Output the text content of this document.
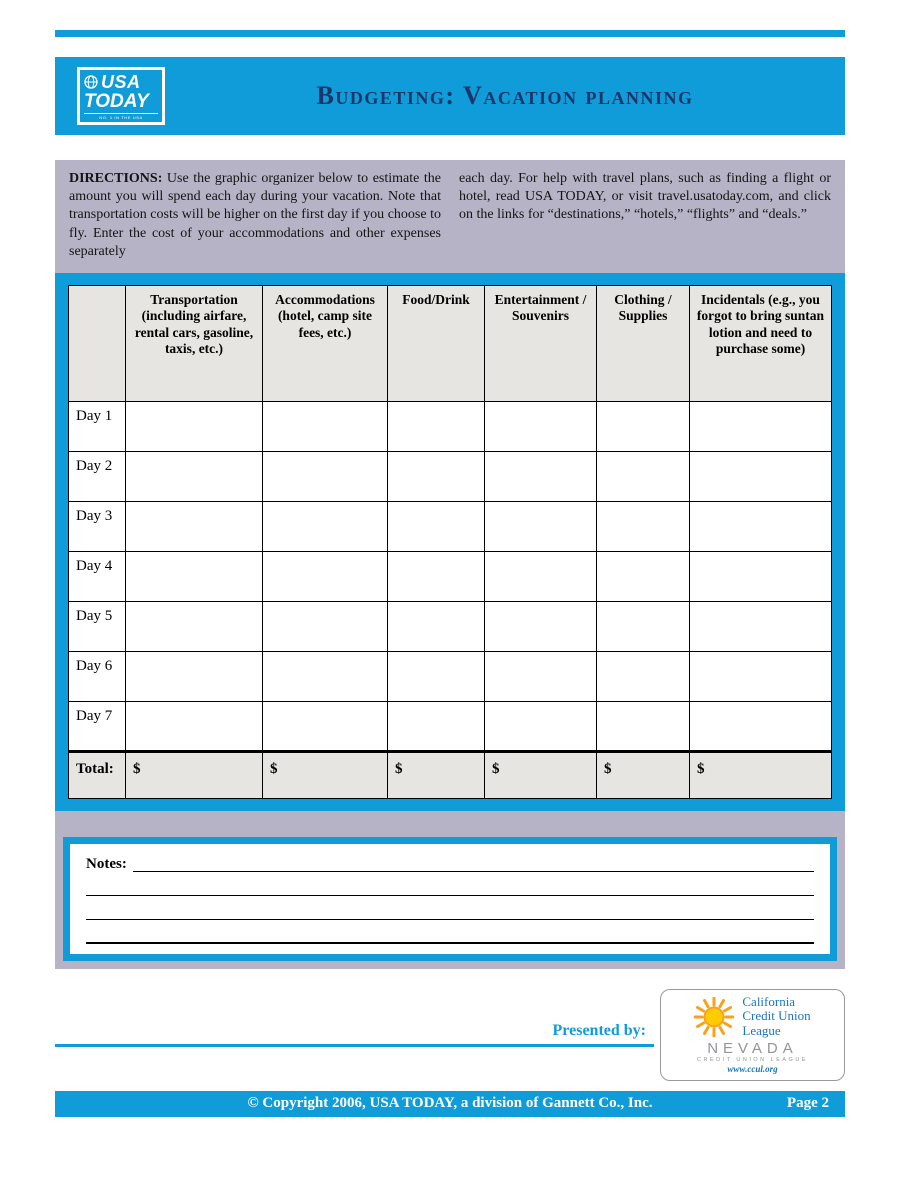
USA
TODAY
NO. 1 IN THE USA
Budgeting: Vacation planning

DIRECTIONS: Use the graphic organizer below to estimate the amount you will spend each day during your vacation. Note that transportation costs will be higher on the first day if you choose to fly. Enter the cost of your accommodations and other expenses separately

each day. For help with travel plans, such as finding a flight or hotel, read USA TODAY, or visit travel.usatoday.com, and click on the links for “destinations,” “hotels,” “flights” and “deals.”

	Transportation (including airfare, rental cars, gasoline, taxis, etc.)	Accommodations (hotel, camp site fees, etc.)	Food/Drink	Entertainment / Souvenirs	Clothing / Supplies	Incidentals (e.g., you forgot to bring suntan lotion and need to purchase some)
Day 1						
Day 2						
Day 3						
Day 4						
Day 5						
Day 6						
Day 7						
Total:	$	$	$	$	$	$
Notes:
Presented by:
California
Credit Union
League
NEVADA
CREDIT UNION LEAGUE
www.ccul.org
© Copyright 2006, USA TODAY, a division of Gannett Co., Inc.	Page 2
